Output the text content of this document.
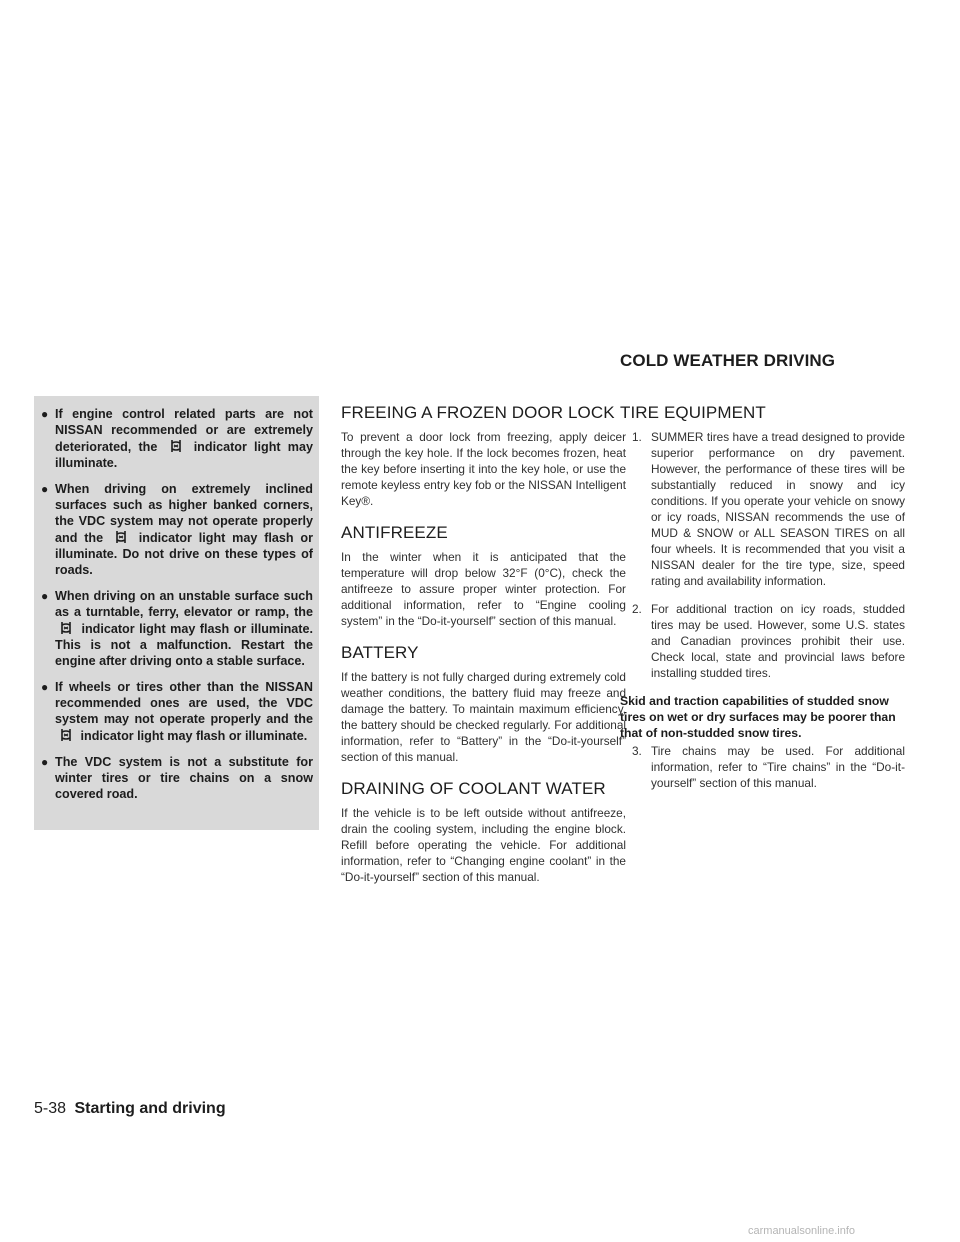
COLD WEATHER DRIVING
● If engine control related parts are not NISSAN recommended or are extremely deteriorated, the	indicator light may illuminate.
● When driving on extremely inclined surfaces such as higher banked corners, the VDC system may not operate properly and the	indicator light may flash or illuminate. Do not drive on these types of roads.
● When driving on an unstable surface such as a turntable, ferry, elevator or ramp, the  indicator light may flash or illuminate. This is not a malfunction. Restart the engine after driving onto a stable surface.
● If wheels or tires other than the NISSAN recommended ones are used, the VDC system may not operate properly and the  indicator light may flash or illuminate.
● The VDC system is not a substitute for winter tires or tire chains on a snow covered road.
FREEING A FROZEN DOOR LOCK

To prevent a door lock from freezing, apply deicer through the key hole. If the lock becomes frozen, heat the key before inserting it into the key hole, or use the remote keyless entry key fob or the NISSAN Intelligent Key®.

ANTIFREEZE

In the winter when it is anticipated that the temperature will drop below 32°F (0°C), check the antifreeze to assure proper winter protection. For additional information, refer to “Engine cooling system” in the “Do-it-yourself” section of this manual.

BATTERY

If the battery is not fully charged during extremely cold weather conditions, the battery fluid may freeze and damage the battery. To maintain maximum efficiency, the battery should be checked regularly. For additional information, refer to “Battery” in the “Do-it-yourself” section of this manual.

DRAINING OF COOLANT WATER

If the vehicle is to be left outside without antifreeze, drain the cooling system, including the engine block. Refill before operating the vehicle. For additional information, refer to “Changing engine coolant” in the “Do-it-yourself” section of this manual.

TIRE EQUIPMENT
1. SUMMER tires have a tread designed to provide superior performance on dry pavement. However, the performance of these tires will be substantially reduced in snowy and icy conditions. If you operate your vehicle on snowy or icy roads, NISSAN recommends the use of MUD & SNOW or ALL SEASON TIRES on all four wheels. It is recommended that you visit a NISSAN dealer for the tire type, size, speed rating and availability information.
2. For additional traction on icy roads, studded tires may be used. However, some U.S. states and Canadian provinces prohibit their use. Check local, state and provincial laws before installing studded tires.

Skid and traction capabilities of studded snow tires on wet or dry surfaces may be poorer than that of non-studded snow tires.

3. Tire chains may be used. For additional information, refer to “Tire chains” in the “Do-it-yourself” section of this manual.
5-38 Starting and driving
carmanualsonline.info
